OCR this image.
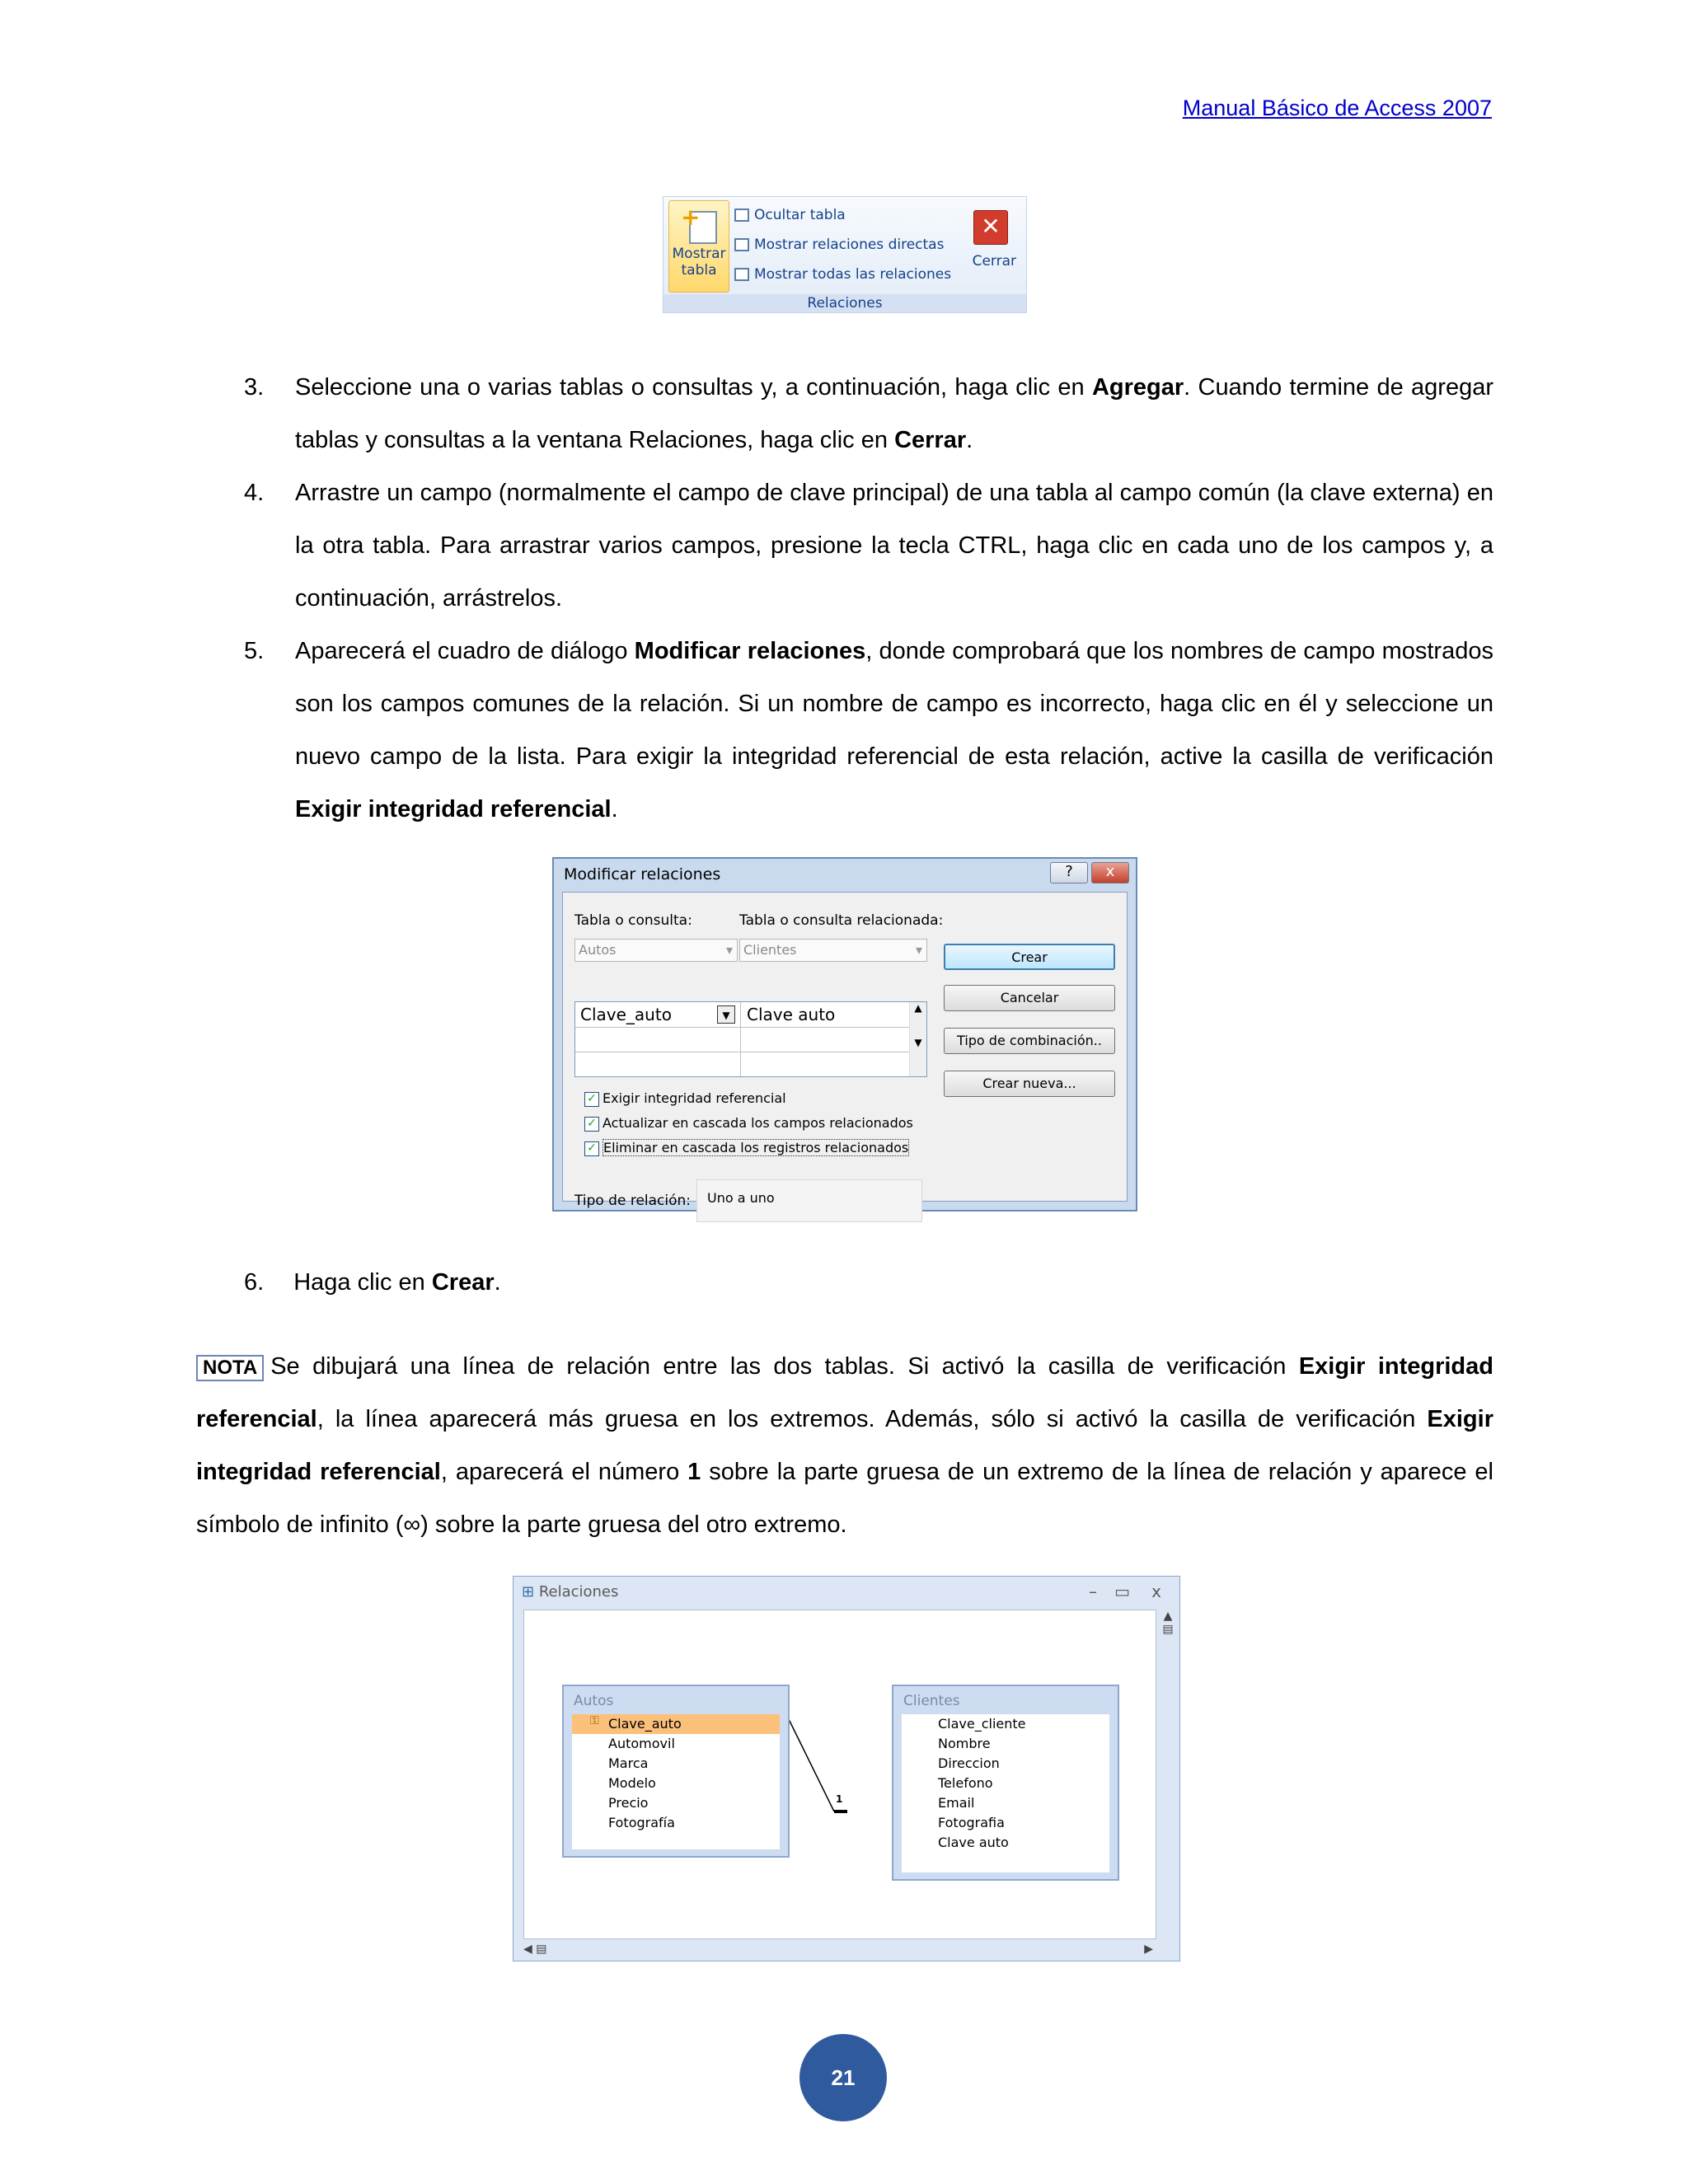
Manual Básico de Access 2007
+
Mostrar
tabla
Ocultar tabla
Mostrar relaciones directas
Mostrar todas las relaciones
✕
Cerrar
Relaciones
3. Seleccione una o varias tablas o consultas y, a continuación, haga clic en Agregar. Cuando termine de agregar tablas y consultas a la ventana Relaciones, haga clic en Cerrar.
4. Arrastre un campo (normalmente el campo de clave principal) de una tabla al campo común (la clave externa) en la otra tabla. Para arrastrar varios campos, presione la tecla CTRL, haga clic en cada uno de los campos y, a continuación, arrástrelos.
5. Aparecerá el cuadro de diálogo Modificar relaciones, donde comprobará que los nombres de campo mostrados son los campos comunes de la relación. Si un nombre de campo es incorrecto, haga clic en él y seleccione un nuevo campo de la lista. Para exigir la integridad referencial de esta relación, active la casilla de verificación Exigir integridad referencial.
Modificar relaciones	?	x
Tabla o consulta:	Tabla o consulta relacionada:
Autos ▾	Clientes ▾
Clave_auto	▼	Clave auto	▲

▼
✓ Exigir integridad referencial
✓ Actualizar en cascada los campos relacionados
✓ Eliminar en cascada los registros relacionados
Tipo de relación:	Uno a uno
Crear
Cancelar
Tipo de combinación..
Crear nueva...
6. Haga clic en Crear.
NOTA Se dibujará una línea de relación entre las dos tablas. Si activó la casilla de verificación Exigir integridad referencial, la línea aparecerá más gruesa en los extremos. Además, sólo si activó la casilla de verificación Exigir integridad referencial, aparecerá el número 1 sobre la parte gruesa de un extremo de la línea de relación y aparece el símbolo de infinito (∞) sobre la parte gruesa del otro extremo.
⊞ Relaciones	– ▭ x
1
Autos
⚿ Clave_auto
Automovil
Marca
Modelo
Precio
Fotografía
Clientes
Clave_cliente
Nombre
Direccion
Telefono
Email
Fotografia
Clave auto
▲
▤
◀ ▤	▶
21
